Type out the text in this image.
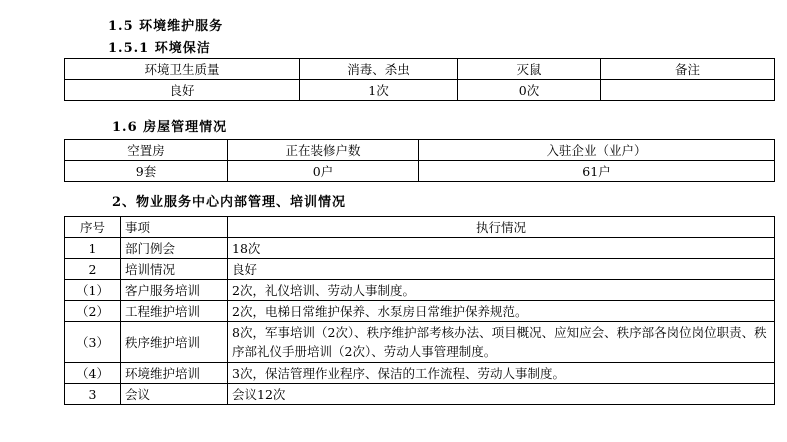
1.5 环境维护服务
1.5.1 环境保洁
环境卫生质量	消毒、杀虫	灭鼠	备注
良好	1次	0次	
1.6 房屋管理情况
空置房	正在装修户数	入驻企业（业户）
9套	0户	61户
2、物业服务中心内部管理、培训情况
序号	事项	执行情况
1	部门例会	18次
2	培训情况	良好
（1）	客户服务培训	2次，礼仪培训、劳动人事制度。
（2）	工程维护培训	2次，电梯日常维护保养、水泵房日常维护保养规范。
（3）	秩序维护培训	8次，军事培训（2次）、秩序维护部考核办法、项目概况、应知应会、秩序部各岗位岗位职责、秩序部礼仪手册培训（2次）、劳动人事管理制度。
（4）	环境维护培训	3次，保洁管理作业程序、保洁的工作流程、劳动人事制度。
3	会议	会议12次
